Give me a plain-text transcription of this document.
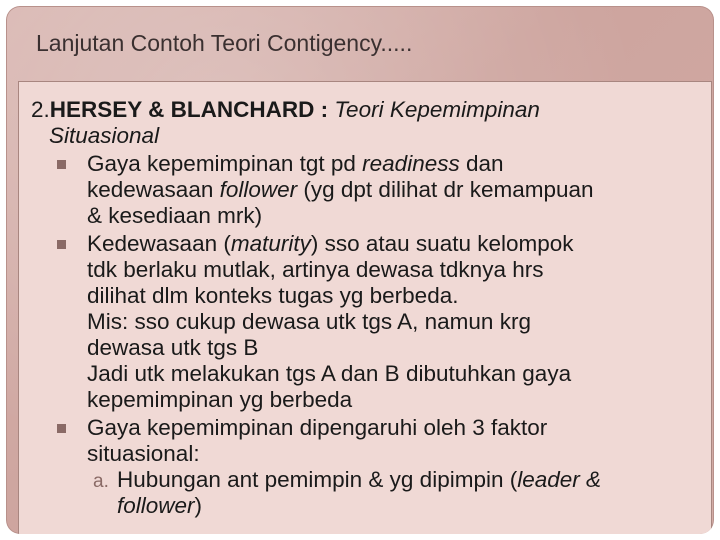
Lanjutan Contoh Teori Contigency.....
2.HERSEY & BLANCHARD : Teori Kepemimpinan
Situasional
Gaya kepemimpinan tgt pd readiness dan
kedewasaan follower (yg dpt dilihat dr kemampuan
& kesediaan mrk)
Kedewasaan (maturity) sso atau suatu kelompok
tdk berlaku mutlak, artinya dewasa tdknya hrs
dilihat dlm konteks tugas yg berbeda.
Mis: sso cukup dewasa utk tgs A, namun krg
dewasa utk tgs B
Jadi utk melakukan tgs A dan B dibutuhkan gaya
kepemimpinan yg berbeda
Gaya kepemimpinan dipengaruhi oleh 3 faktor
situasional:
a. Hubungan ant pemimpin & yg dipimpin (leader &
follower)
